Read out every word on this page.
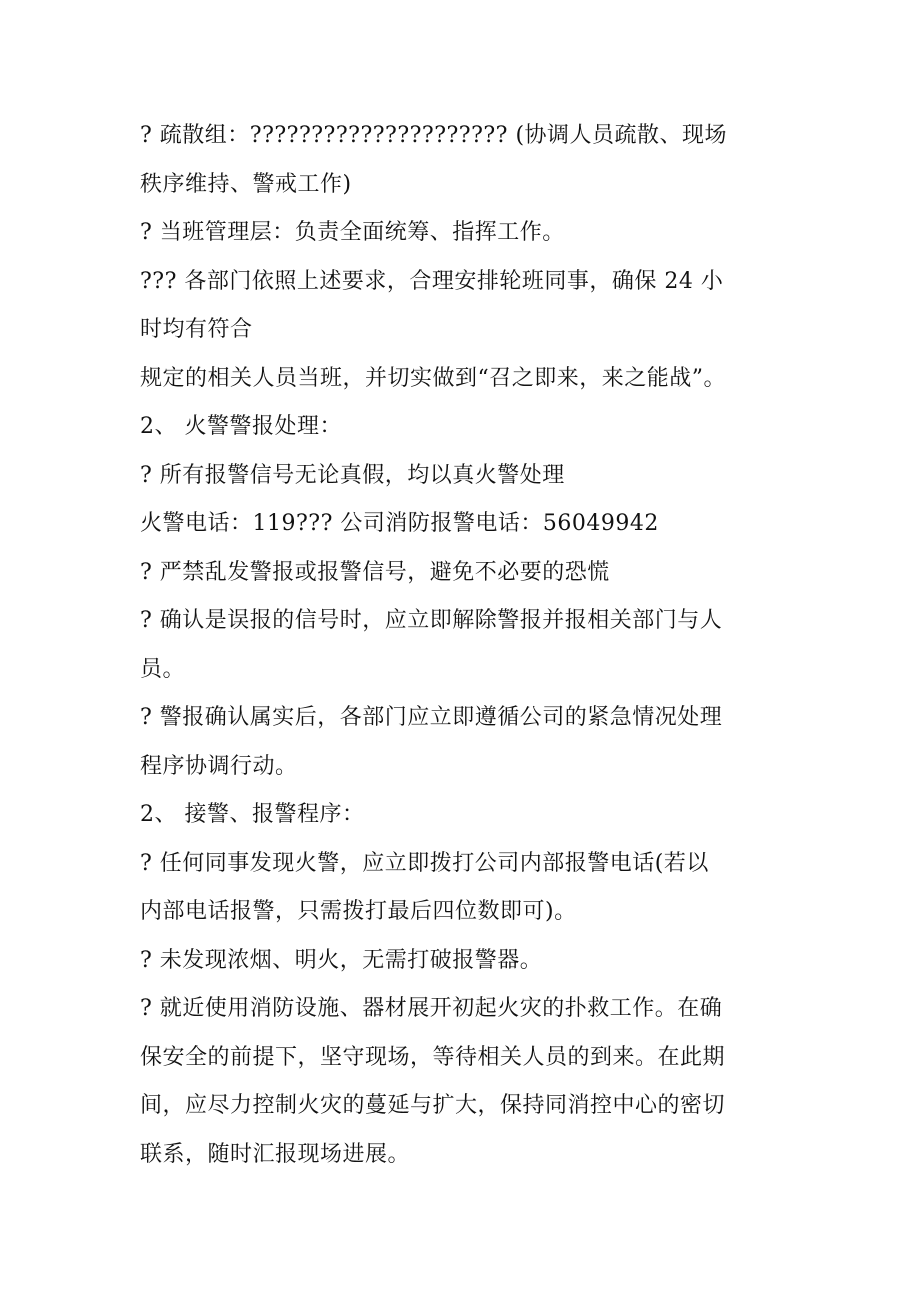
? 疏散组：????????????????????? (协调人员疏散、现场
秩序维持、警戒工作)
? 当班管理层：负责全面统筹、指挥工作。
??? 各部门依照上述要求，合理安排轮班同事，确保 24 小
时均有符合
规定的相关人员当班，并切实做到“召之即来，来之能战”。
2、 火警警报处理：
? 所有报警信号无论真假，均以真火警处理
火警电话：119??? 公司消防报警电话：56049942
? 严禁乱发警报或报警信号，避免不必要的恐慌
? 确认是误报的信号时，应立即解除警报并报相关部门与人
员。
? 警报确认属实后，各部门应立即遵循公司的紧急情况处理
程序协调行动。
2、 接警、报警程序：
? 任何同事发现火警，应立即拨打公司内部报警电话(若以
内部电话报警，只需拨打最后四位数即可)。
? 未发现浓烟、明火，无需打破报警器。
? 就近使用消防设施、器材展开初起火灾的扑救工作。在确
保安全的前提下，坚守现场，等待相关人员的到来。在此期
间，应尽力控制火灾的蔓延与扩大，保持同消控中心的密切
联系，随时汇报现场进展。
